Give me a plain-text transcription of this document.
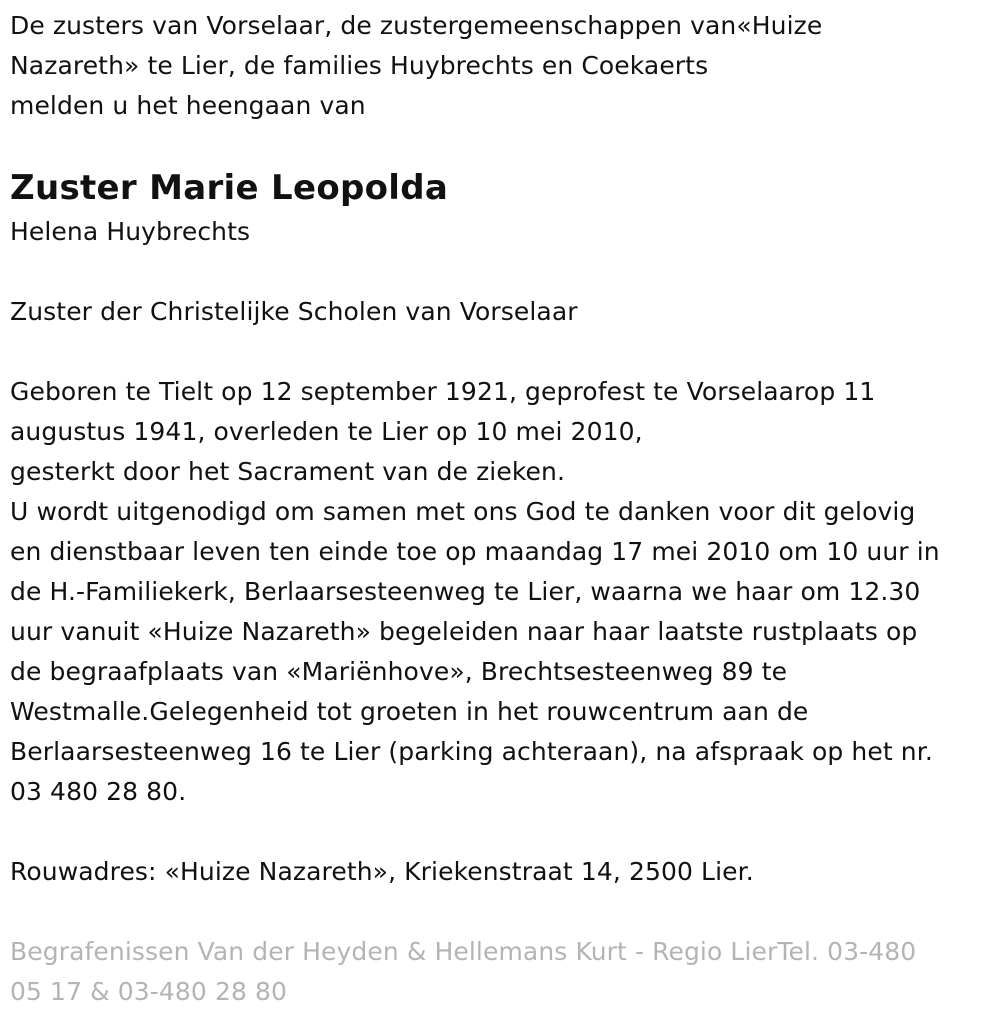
De zusters van Vorselaar, de zustergemeenschappen van«Huize
Nazareth» te Lier, de families Huybrechts en Coekaerts
melden u het heengaan van
Zuster Marie Leopolda
Helena Huybrechts
Zuster der Christelijke Scholen van Vorselaar
Geboren te Tielt op 12 september 1921, geprofest te Vorselaarop 11
augustus 1941, overleden te Lier op 10 mei 2010,
gesterkt door het Sacrament van de zieken.
U wordt uitgenodigd om samen met ons God te danken voor dit gelovig
en dienstbaar leven ten einde toe op maandag 17 mei 2010 om 10 uur in
de H.-Familiekerk, Berlaarsesteenweg te Lier, waarna we haar om 12.30
uur vanuit «Huize Nazareth» begeleiden naar haar laatste rustplaats op
de begraafplaats van «Mariënhove», Brechtsesteenweg 89 te
Westmalle.Gelegenheid tot groeten in het rouwcentrum aan de
Berlaarsesteenweg 16 te Lier (parking achteraan), na afspraak op het nr.
03 480 28 80.
Rouwadres: «Huize Nazareth», Kriekenstraat 14, 2500 Lier.
Begrafenissen Van der Heyden & Hellemans Kurt - Regio LierTel. 03-480
05 17 & 03-480 28 80
